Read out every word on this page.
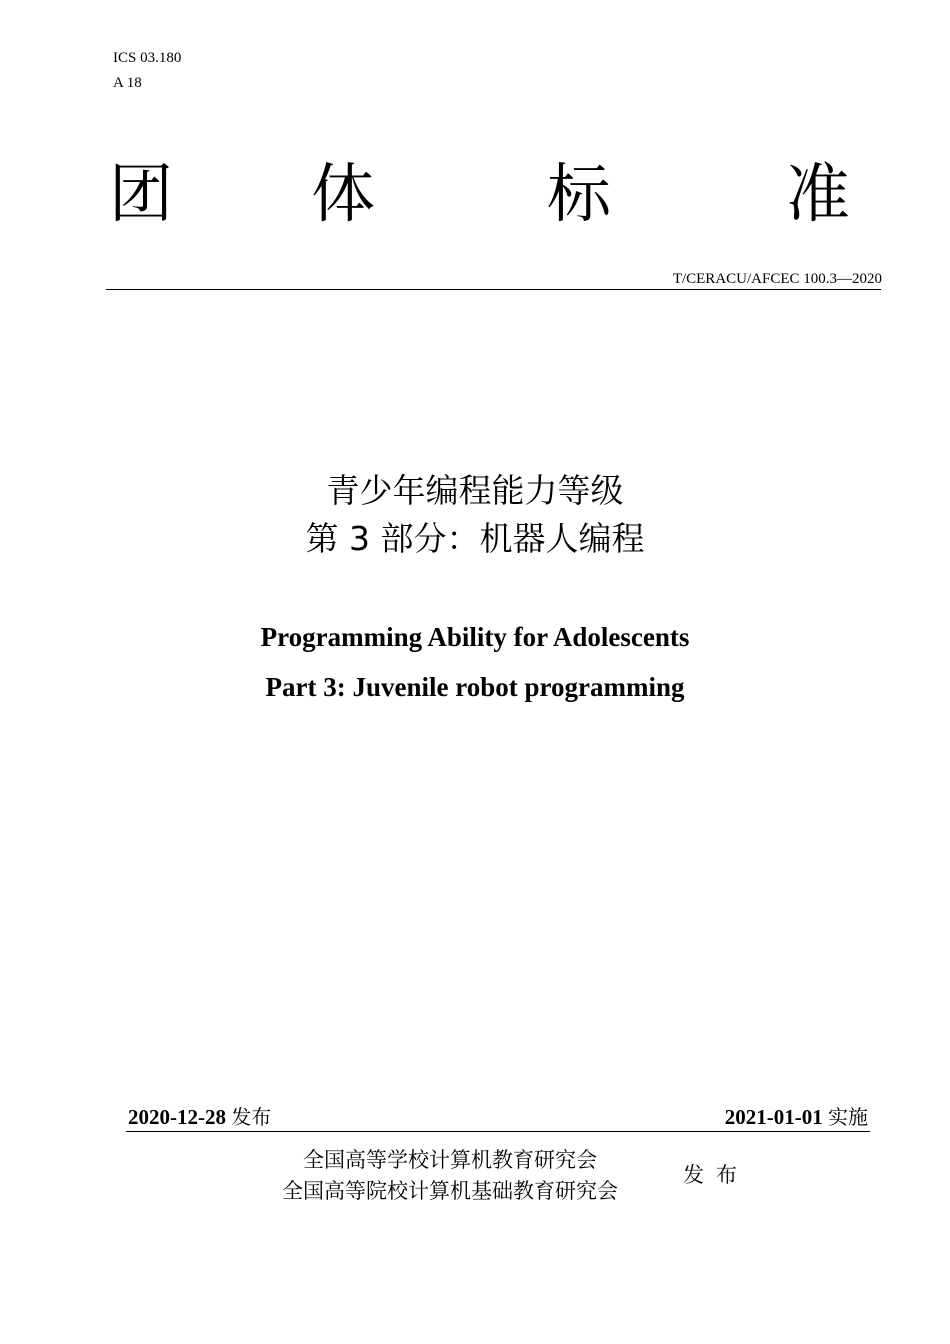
ICS 03.180
A 18
团 体	标	准
T/CERACU/AFCEC 100.3—2020
青少年编程能力等级
第 3 部分：机器人编程
Programming Ability for Adolescents
Part 3: Juvenile robot programming
2020-12-28 发布	2021-01-01 实施
全国高等学校计算机教育研究会
全国高等院校计算机基础教育研究会
发布
